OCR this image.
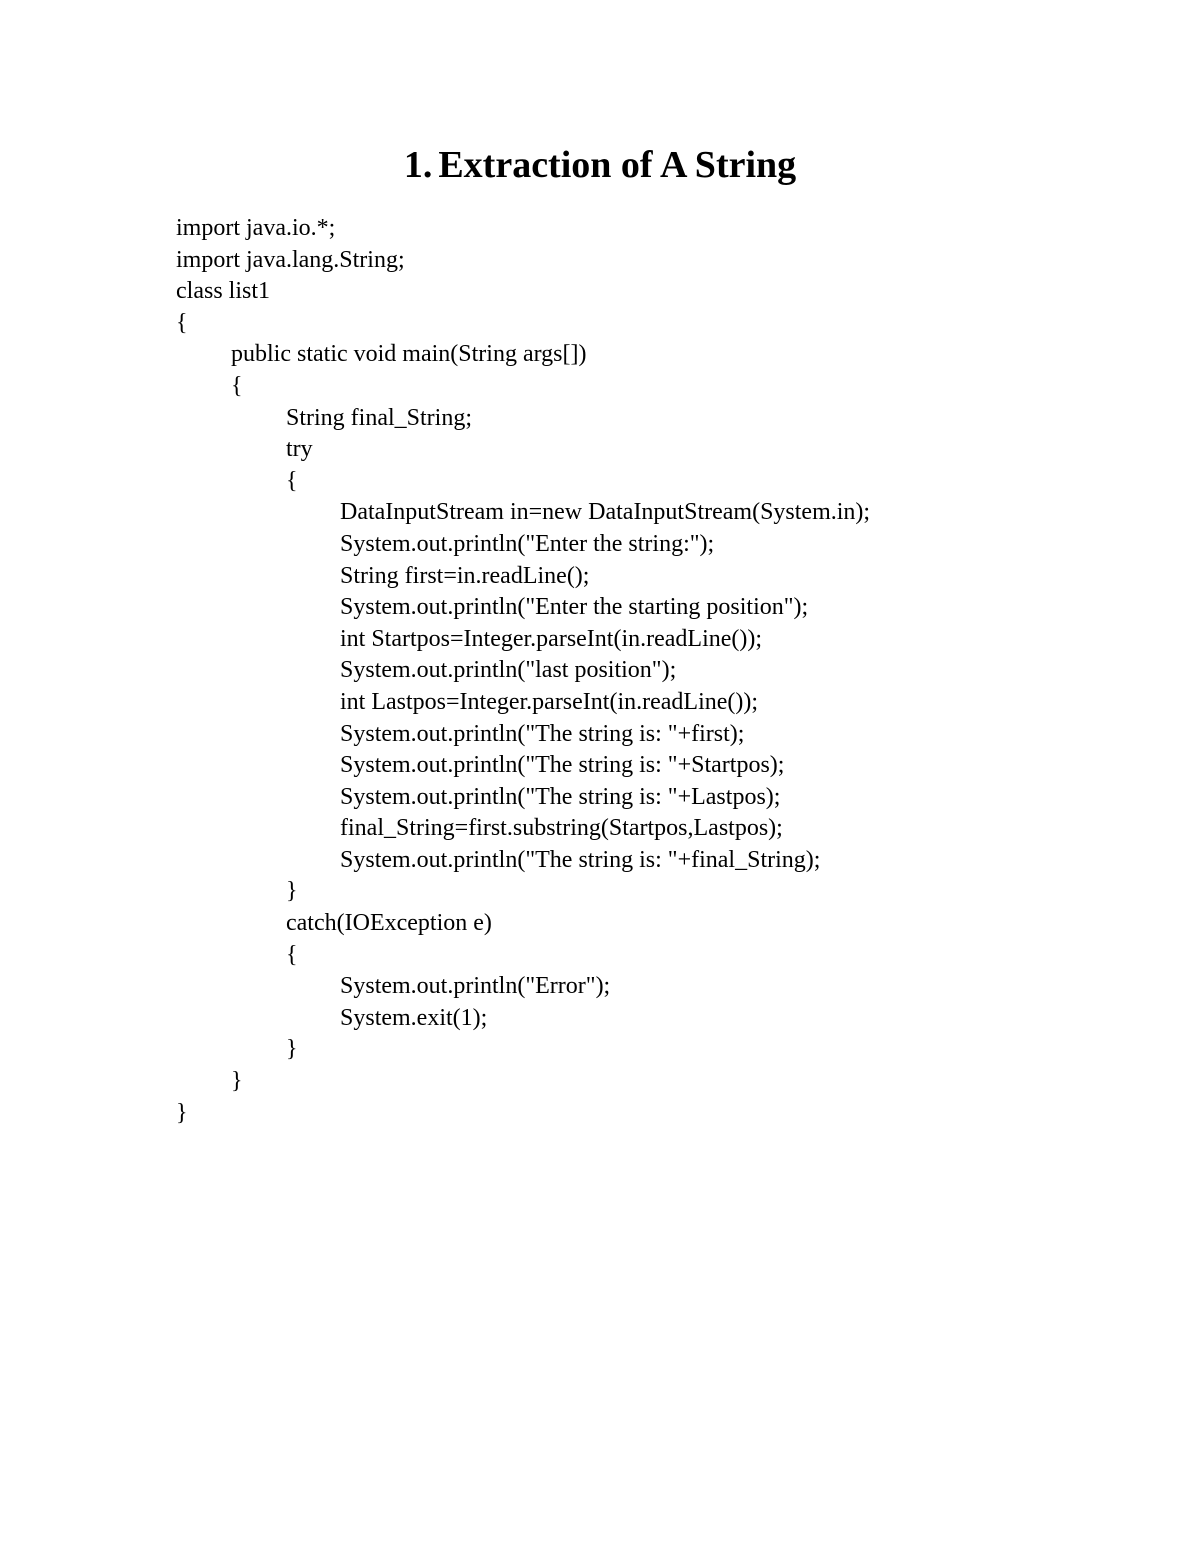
1. Extraction of A String
import java.io.*;
import java.lang.String;
class list1
{
public static void main(String args[])
{
String final_String;
try
{
DataInputStream in=new DataInputStream(System.in);
System.out.println("Enter the string:");
String first=in.readLine();
System.out.println("Enter the starting position");
int Startpos=Integer.parseInt(in.readLine());
System.out.println("last position");
int Lastpos=Integer.parseInt(in.readLine());
System.out.println("The string is: "+first);
System.out.println("The string is: "+Startpos);
System.out.println("The string is: "+Lastpos);
final_String=first.substring(Startpos,Lastpos);
System.out.println("The string is: "+final_String);
}
catch(IOException e)
{
System.out.println("Error");
System.exit(1);
}
}
}
